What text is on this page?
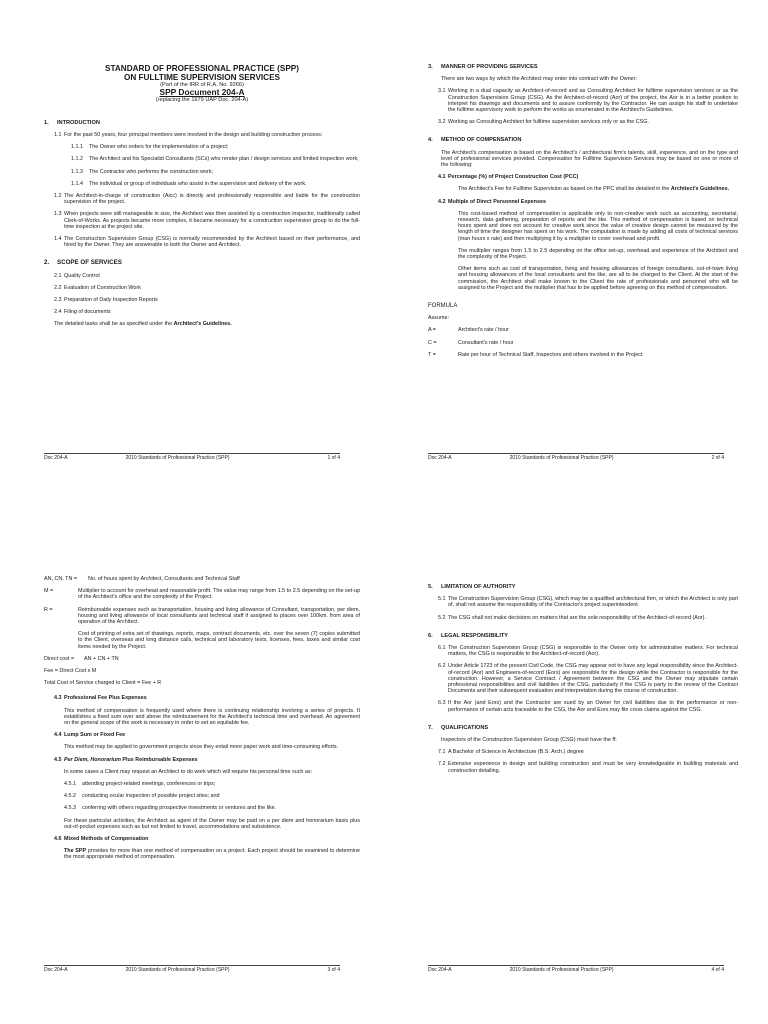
STANDARD OF PROFESSIONAL PRACTICE (SPP)
ON FULLTIME SUPERVISION SERVICES
(Part of the IRR of R.A. No. 9266)
SPP Document 204-A
(replacing the 1979 UAP Doc. 204-A)
1. INTRODUCTION
1.1 For the past 50 years, four principal members were involved in the design and building construction process:
1.1.1	The Owner who orders for the implementation of a project;
1.1.2	The Architect and his Specialist Consultants (SCs) who render plan / design services and limited inspection work;
1.1.3	The Contractor who performs the construction work;
1.1.4	The individual or group of individuals who assist in the supervision and delivery of the work.
1.2 The Architect-in-charge of construction (Aicc) is directly and professionally responsible and liable for the construction supervision of the project.
1.3 When projects were still manageable in size, the Architect was then assisted by a construction inspector, traditionally called Clerk-of-Works. As projects became more complex, it became necessary for a construction supervision group to do the full-time inspection at the project site.
1.4 The Construction Supervision Group (CSG) is normally recommended by the Architect based on their performance, and hired by the Owner. They are answerable to both the Owner and Architect.
2. SCOPE OF SERVICES
2.1 Quality Control
2.2 Evaluation of Construction Work
2.3 Preparation of Daily Inspection Reports
2.4 Filing of documents
The detailed tasks shall be as specified under the Architect's Guidelines.
Doc 204-A	2010 Standards of Professional Practice (SPP)	1 of 4
3. MANNER OF PROVIDING SERVICES
There are two ways by which the Architect may enter into contract with the Owner:
3.1 Working in a dual capacity as Architect-of-record and as Consulting Architect for fulltime supervision services or as the Construction Supervision Group (CSG). As the Architect-of-record (Aor) of the project, the Aor is in a better position to interpret his drawings and documents and to assure conformity by the Contractor. He can assign his staff to undertake the fulltime supervisory work to perform the works as enumerated in the Architect's Guidelines.
3.2 Working as Consulting Architect for fulltime supervision services only or as the CSG.
4. METHOD OF COMPENSATION
The Architect's compensation is based on the Architect's / architectural firm's talents, skill, experience, and on the type and level of professional services provided. Compensation for Fulltime Supervision Services may be based on one or more of the following:
4.1 Percentage (%) of Project Construction Cost (PCC)
The Architect's Fee for Fulltime Supervision as based on the PPC shall be detailed in the Architect's Guidelines.
4.2 Multiple of Direct Personnel Expenses
This cost-based method of compensation is applicable only to non-creative work such as accounting, secretarial, research, data gathering, preparation of reports and the like. This method of compensation is based on technical hours spent and does not account for creative work since the value of creative design cannot be measured by the length of time the designer has spent on his work. The computation is made by adding all costs of technical services (man hours x rate) and then multiplying it by a multiplier to cover overhead and profit.
The multiplier ranges from 1.5 to 2.5 depending on the office set-up, overhead and experience of the Architect and the complexity of the Project.
Other items such as cost of transportation, living and housing allowances of foreign consultants, out-of-town living and housing allowances of the local consultants and the like, are all to be charged to the Client. At the start of the commission, the Architect shall make known to the Client the rate of professionals and personnel who will be assigned to the Project and the multiplier that has to be applied before agreeing on this method of compensation.
FORMULA
Assume:
A =	Architect's rate / hour
C =	Consultant's rate / hour
T =	Rate per hour of Technical Staff, Inspectors and others involved in the Project
Doc 204-A	2010 Standards of Professional Practice (SPP)	2 of 4
AN, CN, TN =	No. of hours spent by Architect, Consultants and Technical Staff
M =	Multiplier to account for overhead and reasonable profit. The value may range from 1.5 to 2.5 depending on the set-up of the Architect's office and the complexity of the Project.
R =	Reimbursable expenses such as transportation, housing and living allowance of Consultant, transportation, per diem, housing and living allowance of local consultants and technical staff if assigned to places over 100km. from area of operation of the Architect.
Cost of printing of extra set of drawings, reports, maps, contract documents, etc. over the seven (7) copies submitted to the Client, overseas and long distance calls, technical and laboratory tests, licenses, fees, taxes and similar cost items needed by the Project.
Direct cost =	AN + CN + TN
Fee = Direct Cost x M
Total Cost of Service charged to Client = Fee + R
4.3 Professional Fee Plus Expenses
This method of compensation is frequently used where there is continuing relationship involving a series of projects. It establishes a fixed sum over and above the reimbursement for the Architect's technical time and overhead. An agreement on the general scope of the work is necessary in order to set an equitable fee.
4.4 Lump Sum or Fixed Fee
This method may be applied to government projects since they entail more paper work and time-consuming efforts.
4.5 Per Diem, Honorarium Plus Reimbursable Expenses
In some cases a Client may request an Architect to do work which will require his personal time such as:
4.5.1	attending project-related meetings, conferences or trips;
4.5.2	conducting ocular inspection of possible project sites; and
4.5.3	conferring with others regarding prospective investments or ventures and the like.
For these particular activities, the Architect as agent of the Owner may be paid on a per diem and honorarium basis plus out-of-pocket expenses such as but not limited to travel, accommodations and subsistence.
4.6 Mixed Methods of Compensation
The SPP provides for more than one method of compensation on a project. Each project should be examined to determine the most appropriate method of compensation.
Doc 204-A	2010 Standards of Professional Practice (SPP)	3 of 4
5. LIMITATION OF AUTHORITY
5.1 The Construction Supervision Group (CSG), which may be a qualified architectural firm, or which the Architect is only part of, shall not assume the responsibility of the Contractor's project superintendent.
5.2 The CSG shall not make decisions on matters that are the sole responsibility of the Architect-of-record (Aor).
6. LEGAL RESPONSIBILITY
6.1 The Construction Supervision Group (CSG) is responsible to the Owner only for administrative matters. For technical matters, the CSG is responsible to the Architect-of-record (Aor).
6.2 Under Article 1723 of the present Civil Code, the CSG may appear not to have any legal responsibility since the Architect-of-record (Aor) and Engineers-of-record (Eors) are responsible for the design while the Contractor is responsible for the construction. However, a Service Contract / Agreement between the CSG and the Owner may stipulate certain professional responsibilities and civil liabilities of the CSG, particularly if the CSG is party to the review of the Contract Documents and their subsequent evaluation and interpretation during the course of construction.
6.3 If the Aor (and Eors) and the Contractor are sued by an Owner for civil liabilities due to the performance or non-performance of certain acts traceable to the CSG, the Aor and Eors may file cross claims against the CSG.
7. QUALIFICATIONS
Inspectors of the Construction Supervision Group (CSG) must have the ff:
7.1 A Bachelor of Science in Architecture (B.S. Arch.) degree
7.2 Extensive experience in design and building construction and must be very knowledgeable in building materials and construction detailing.
Doc 204-A	2010 Standards of Professional Practice (SPP)	4 of 4
